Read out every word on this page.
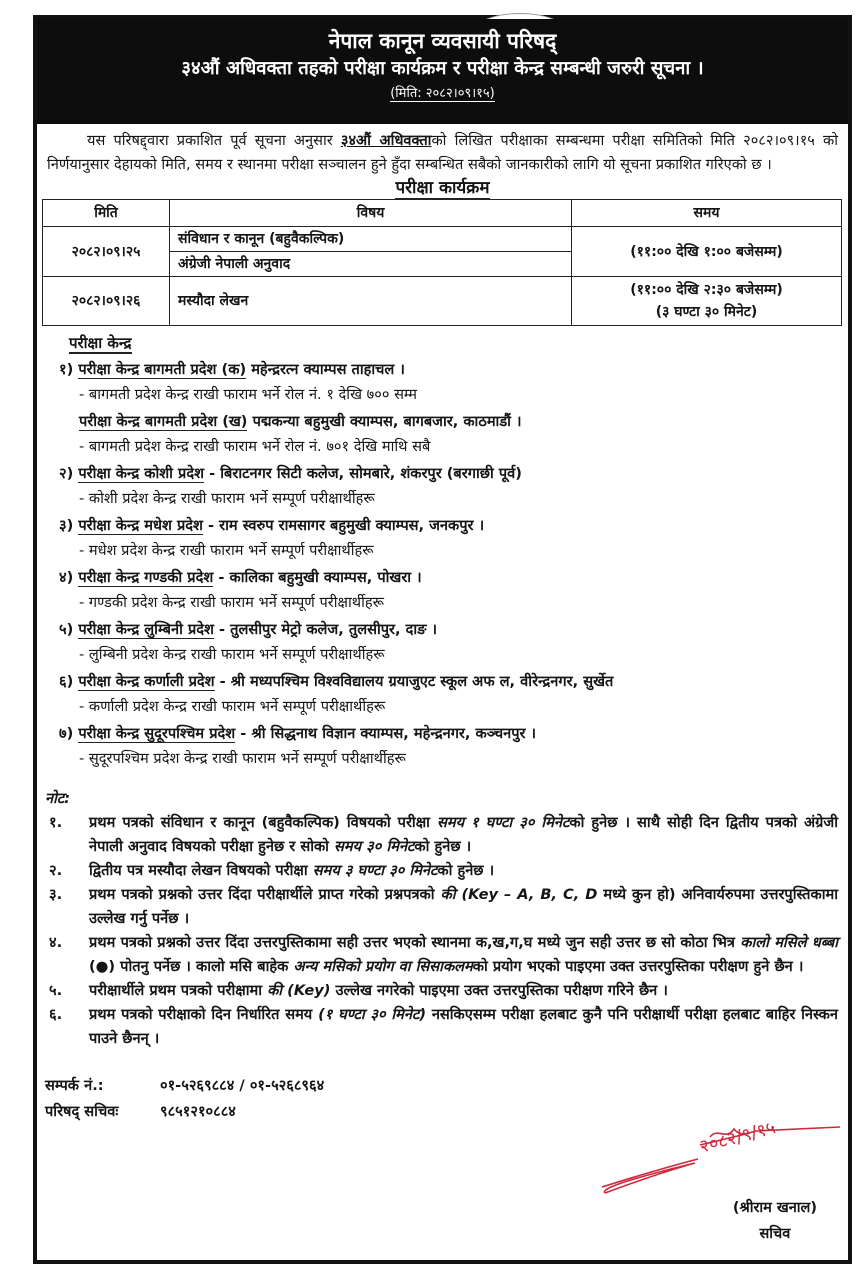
नेपाल कानून व्यवसायी परिषद्
३४औं अधिवक्ता तहको परीक्षा कार्यक्रम र परीक्षा केन्द्र सम्बन्धी जरुरी सूचना ।
(मिति: २०८२।०९।१५)

यस परिषद्द्वारा प्रकाशित पूर्व सूचना अनुसार ३४औं अधिवक्ताको लिखित परीक्षाका सम्बन्धमा परीक्षा समितिको मिति २०८२।०९।१५ को निर्णयानुसार देहायको मिति, समय र स्थानमा परीक्षा सञ्चालन हुने हुँदा सम्बन्धित सबैको जानकारीको लागि यो सूचना प्रकाशित गरिएको छ ।

परीक्षा कार्यक्रम
मिति	विषय	समय
२०८२।०९।२५	संविधान र कानून (बहुवैकल्पिक)	(११:०० देखि १:०० बजेसम्म)
	अंग्रेजी नेपाली अनुवाद	
२०८२।०९।२६	मस्यौदा लेखन	(११:०० देखि २:३० बजेसम्म)
(३ घण्टा ३० मिनेट)
परीक्षा केन्द्र
१) परीक्षा केन्द्र बागमती प्रदेश (क) महेन्द्ररत्न क्याम्पस ताहाचल ।
- बागमती प्रदेश केन्द्र राखी फाराम भर्ने रोल नं. १ देखि ७०० सम्म
परीक्षा केन्द्र बागमती प्रदेश (ख) पद्मकन्या बहुमुखी क्याम्पस, बागबजार, काठमाडौं ।
- बागमती प्रदेश केन्द्र राखी फाराम भर्ने रोल नं. ७०१ देखि माथि सबै
२) परीक्षा केन्द्र कोशी प्रदेश - बिराटनगर सिटी कलेज, सोमबारे, शंकरपुर (बरगाछी पूर्व)
- कोशी प्रदेश केन्द्र राखी फाराम भर्ने सम्पूर्ण परीक्षार्थीहरू
३) परीक्षा केन्द्र मधेश प्रदेश - राम स्वरुप रामसागर बहुमुखी क्याम्पस, जनकपुर ।
- मधेश प्रदेश केन्द्र राखी फाराम भर्ने सम्पूर्ण परीक्षार्थीहरू
४) परीक्षा केन्द्र गण्डकी प्रदेश - कालिका बहुमुखी क्याम्पस, पोखरा ।
- गण्डकी प्रदेश केन्द्र राखी फाराम भर्ने सम्पूर्ण परीक्षार्थीहरू
५) परीक्षा केन्द्र लुम्बिनी प्रदेश - तुलसीपुर मेट्रो कलेज, तुलसीपुर, दाङ ।
- लुम्बिनी प्रदेश केन्द्र राखी फाराम भर्ने सम्पूर्ण परीक्षार्थीहरू
६) परीक्षा केन्द्र कर्णाली प्रदेश - श्री मध्यपश्चिम विश्वविद्यालय ग्रयाजुएट स्कूल अफ ल, वीरेन्द्रनगर, सुर्खेत
- कर्णाली प्रदेश केन्द्र राखी फाराम भर्ने सम्पूर्ण परीक्षार्थीहरू
७) परीक्षा केन्द्र सुदूरपश्चिम प्रदेश - श्री सिद्धनाथ विज्ञान क्याम्पस, महेन्द्रनगर, कञ्चनपुर ।
- सुदूरपश्चिम प्रदेश केन्द्र राखी फाराम भर्ने सम्पूर्ण परीक्षार्थीहरू
नोट:
१.	प्रथम पत्रको संविधान र कानून (बहुवैकल्पिक) विषयको परीक्षा समय १ घण्टा ३० मिनेटको हुनेछ । साथै सोही दिन द्वितीय पत्रको अंग्रेजी नेपाली अनुवाद विषयको परीक्षा हुनेछ र सोको समय ३० मिनेटको हुनेछ ।
२.	द्वितीय पत्र मस्यौदा लेखन विषयको परीक्षा समय ३ घण्टा ३० मिनेटको हुनेछ ।
३.	प्रथम पत्रको प्रश्नको उत्तर दिंदा परीक्षार्थीले प्राप्त गरेको प्रश्नपत्रको की (Key – A, B, C, D मध्ये कुन हो) अनिवार्यरुपमा उत्तरपुस्तिकामा उल्लेख गर्नु पर्नेछ ।
४.	प्रथम पत्रको प्रश्नको उत्तर दिंदा उत्तरपुस्तिकामा सही उत्तर भएको स्थानमा क,ख,ग,घ मध्ये जुन सही उत्तर छ सो कोठा भित्र कालो मसिले धब्बा (●) पोतनु पर्नेछ । कालो मसि बाहेक अन्य मसिको प्रयोग वा सिसाकलमको प्रयोग भएको पाइएमा उक्त उत्तरपुस्तिका परीक्षण हुने छैन ।
५.	परीक्षार्थीले प्रथम पत्रको परीक्षामा की (Key) उल्लेख नगरेको पाइएमा उक्त उत्तरपुस्तिका परीक्षण गरिने छैन ।
६.	प्रथम पत्रको परीक्षाको दिन निर्धारित समय (१ घण्टा ३० मिनेट) नसकिएसम्म परीक्षा हलबाट कुनै पनि परीक्षार्थी परीक्षा हलबाट बाहिर निस्कन पाउने छैनन् ।
सम्पर्क नं.:	०१-५२६९८८४ / ०१-५२६८९६४
परिषद् सचिवः	९८५१२१०८८४
२०८२/९/१५
(श्रीराम खनाल)
सचिव
